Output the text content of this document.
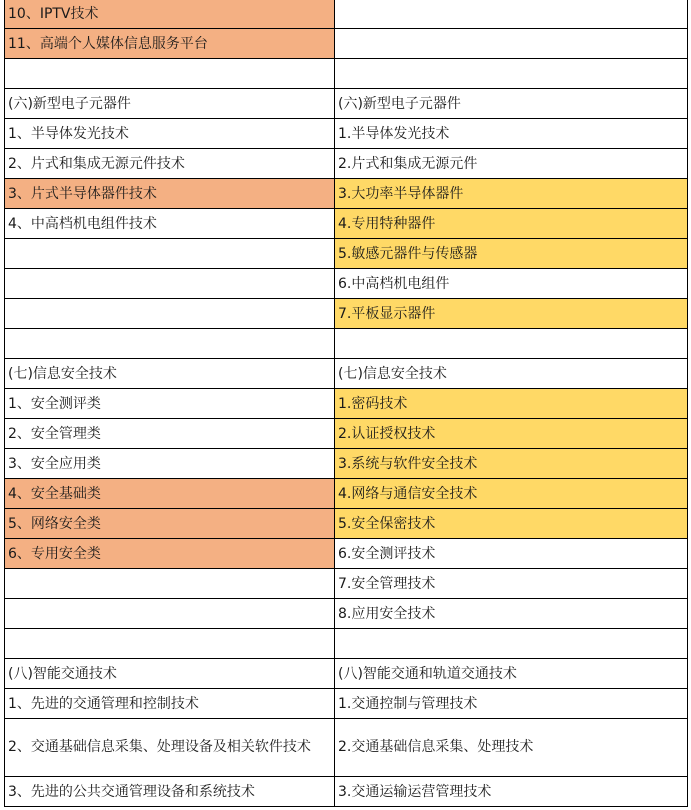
10、IPTV技术	
11、高端个人媒体信息服务平台	

(六)新型电子元器件	(六)新型电子元器件
1、半导体发光技术	1.半导体发光技术
2、片式和集成无源元件技术	2.片式和集成无源元件
3、片式半导体器件技术	3.大功率半导体器件
4、中高档机电组件技术	4.专用特种器件
	5.敏感元器件与传感器
	6.中高档机电组件
	7.平板显示器件

(七)信息安全技术	(七)信息安全技术
1、安全测评类	1.密码技术
2、安全管理类	2.认证授权技术
3、安全应用类	3.系统与软件安全技术
4、安全基础类	4.网络与通信安全技术
5、网络安全类	5.安全保密技术
6、专用安全类	6.安全测评技术
	7.安全管理技术
	8.应用安全技术

(八)智能交通技术	(八)智能交通和轨道交通技术
1、先进的交通管理和控制技术	1.交通控制与管理技术
2、交通基础信息采集、处理设备及相关软件技术	2.交通基础信息采集、处理技术
3、先进的公共交通管理设备和系统技术	3.交通运输运营管理技术
